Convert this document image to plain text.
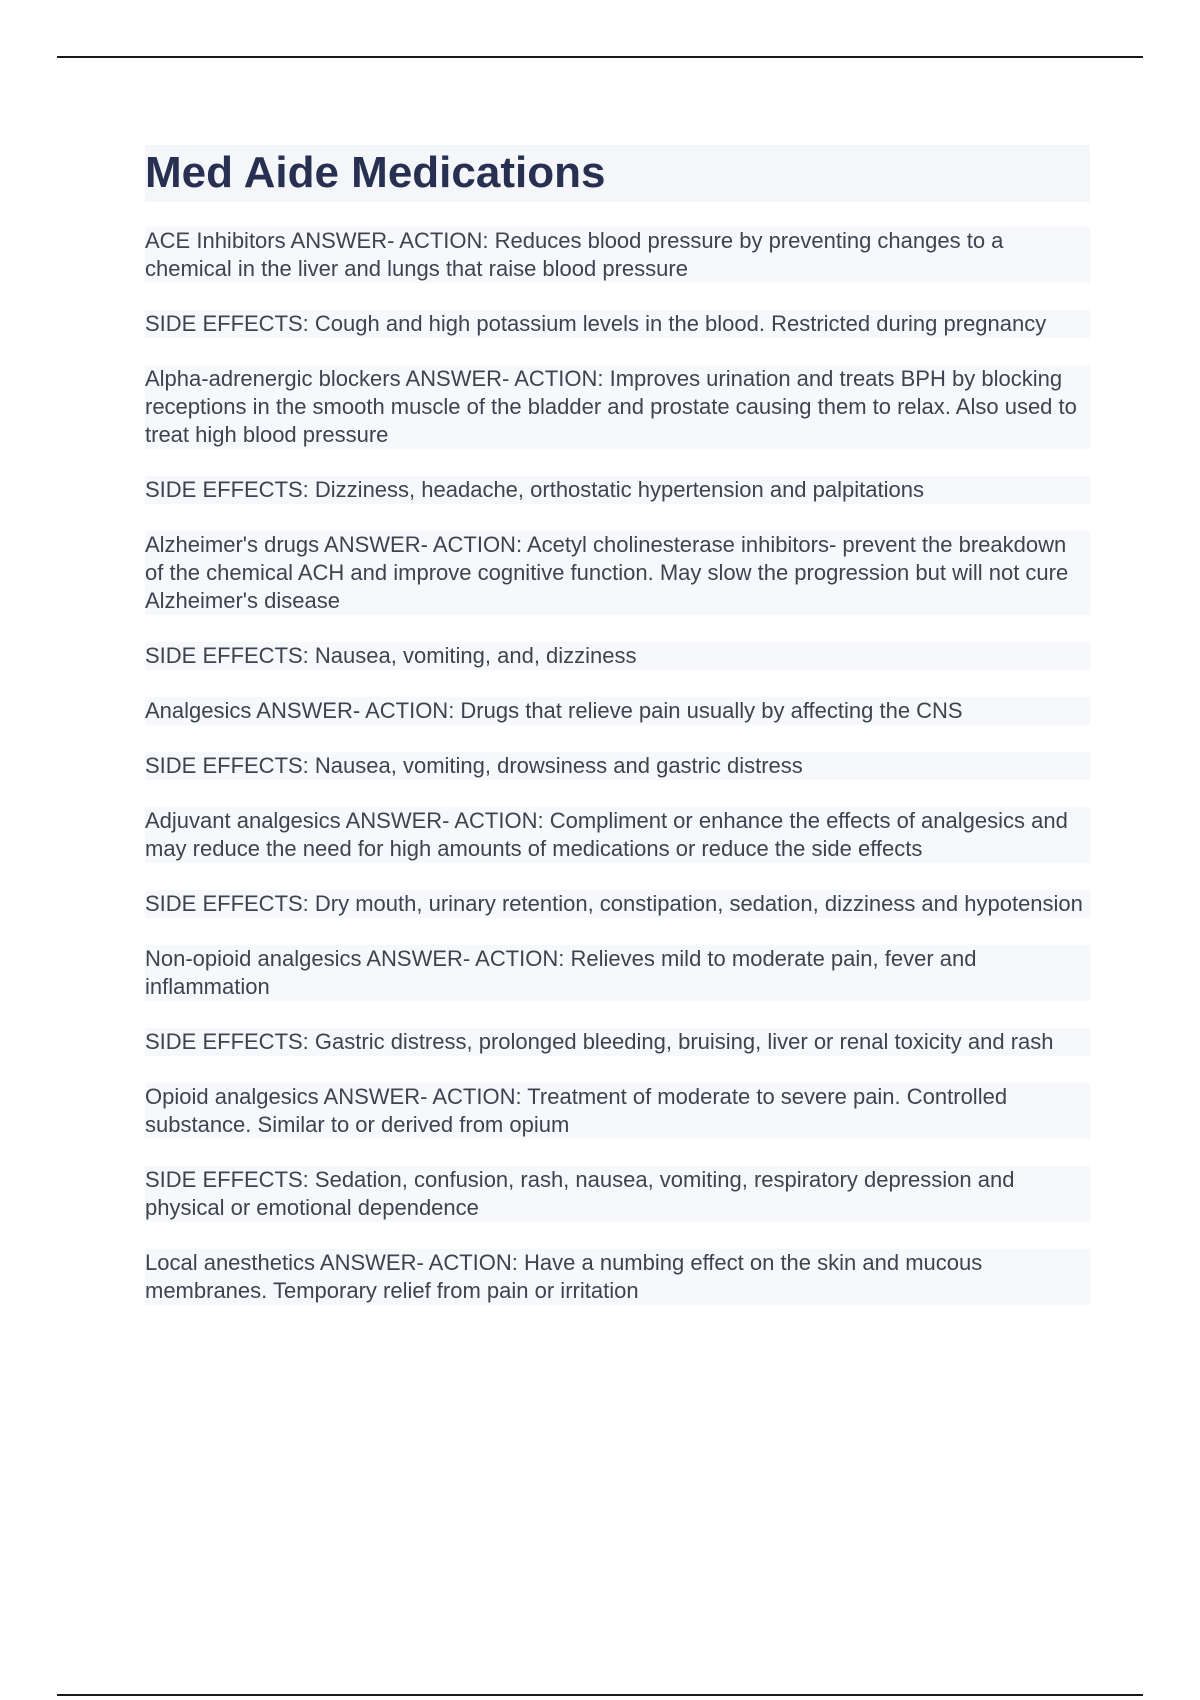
Med Aide Medications

ACE Inhibitors ANSWER- ACTION: Reduces blood pressure by preventing changes to a chemical in the liver and lungs that raise blood pressure

SIDE EFFECTS: Cough and high potassium levels in the blood. Restricted during pregnancy

Alpha-adrenergic blockers ANSWER- ACTION: Improves urination and treats BPH by blocking receptions in the smooth muscle of the bladder and prostate causing them to relax. Also used to treat high blood pressure

SIDE EFFECTS: Dizziness, headache, orthostatic hypertension and palpitations

Alzheimer's drugs ANSWER- ACTION: Acetyl cholinesterase inhibitors- prevent the breakdown of the chemical ACH and improve cognitive function. May slow the progression but will not cure Alzheimer's disease

SIDE EFFECTS: Nausea, vomiting, and, dizziness

Analgesics ANSWER- ACTION: Drugs that relieve pain usually by affecting the CNS

SIDE EFFECTS: Nausea, vomiting, drowsiness and gastric distress

Adjuvant analgesics ANSWER- ACTION: Compliment or enhance the effects of analgesics and may reduce the need for high amounts of medications or reduce the side effects

SIDE EFFECTS: Dry mouth, urinary retention, constipation, sedation, dizziness and hypotension

Non-opioid analgesics ANSWER- ACTION: Relieves mild to moderate pain, fever and inflammation

SIDE EFFECTS: Gastric distress, prolonged bleeding, bruising, liver or renal toxicity and rash

Opioid analgesics ANSWER- ACTION: Treatment of moderate to severe pain. Controlled substance. Similar to or derived from opium

SIDE EFFECTS: Sedation, confusion, rash, nausea, vomiting, respiratory depression and physical or emotional dependence

Local anesthetics ANSWER- ACTION: Have a numbing effect on the skin and mucous membranes. Temporary relief from pain or irritation
